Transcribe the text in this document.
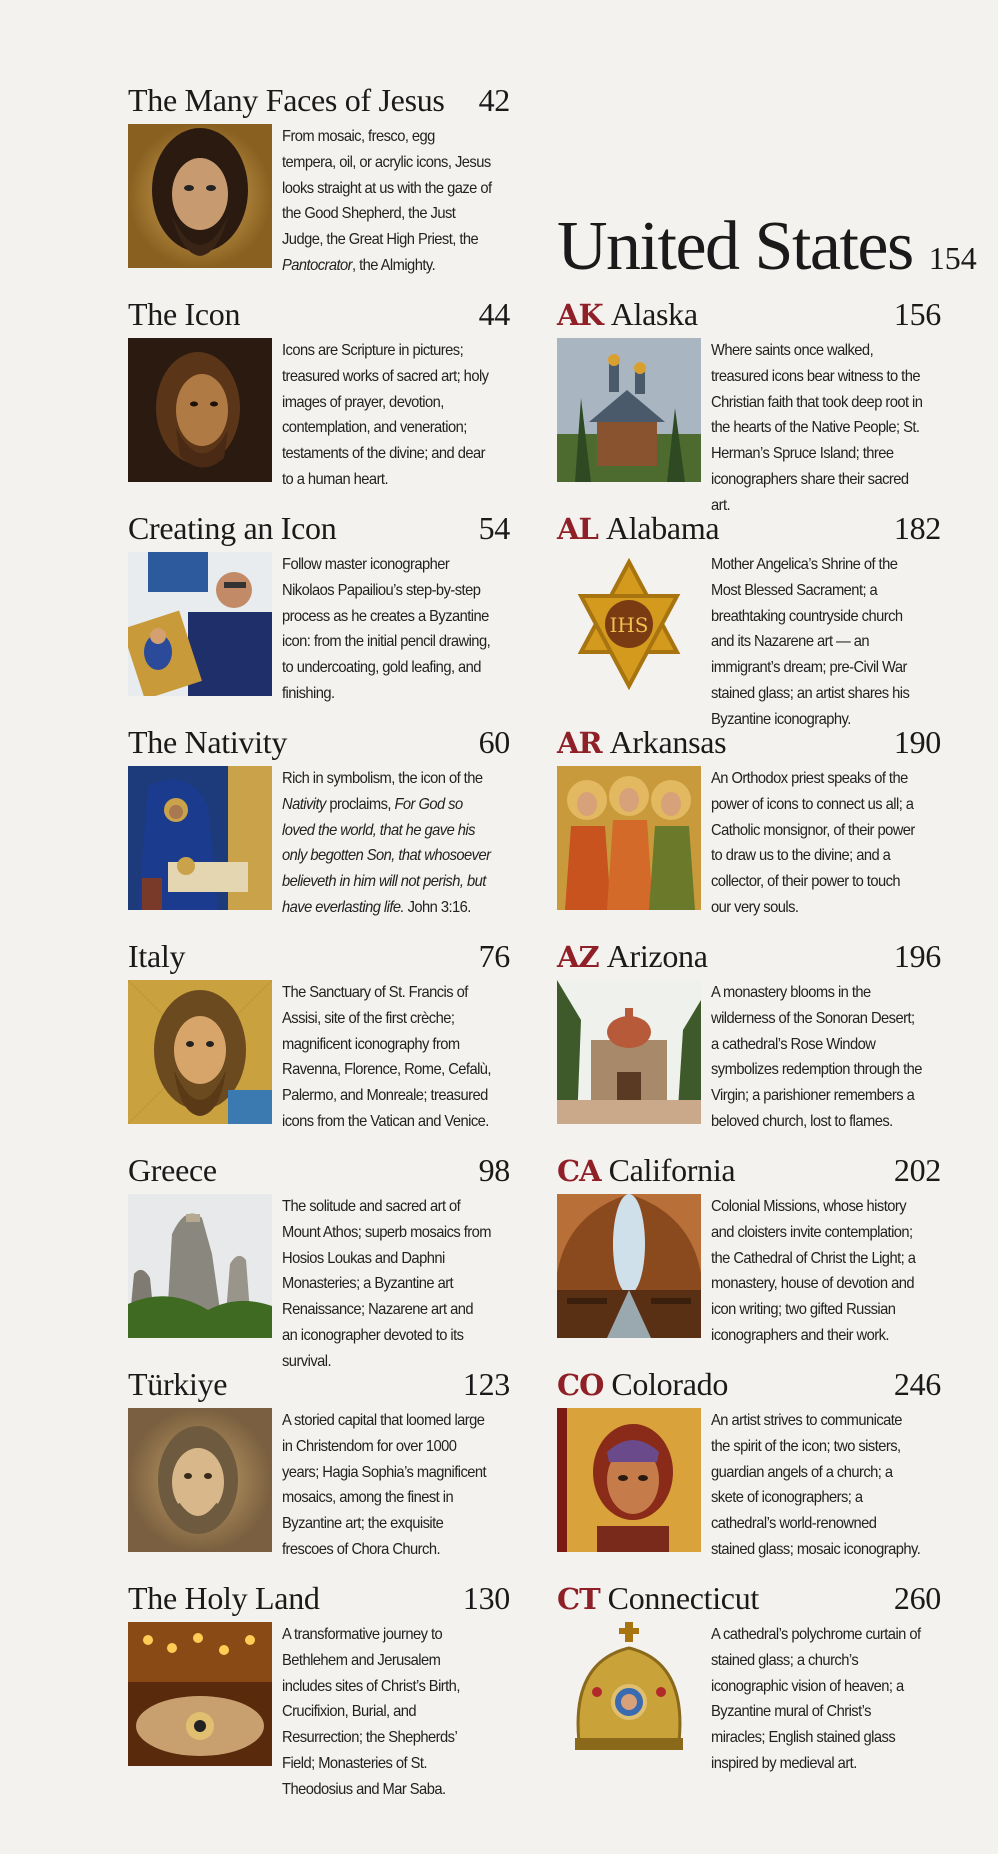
The Many Faces of Jesus 42
From mosaic, fresco, egg tempera, oil, or acrylic icons, Jesus looks straight at us with the gaze of the Good Shepherd, the Just Judge, the Great High Priest, the Pantocrator, the Almighty.
The Icon	44
Icons are Scripture in pictures; treasured works of sacred art; holy images of prayer, devotion, contemplation, and veneration; testaments of the divine; and dear to a human heart.
Creating an Icon	54
Follow master iconographer Nikolaos Papailiou’s step-by-step process as he creates a Byzantine icon: from the initial pencil drawing, to undercoating, gold leafing, and finishing.
The Nativity	60
Rich in symbolism, the icon of the Nativity proclaims, For God so loved the world, that he gave his only begotten Son, that whosoever believeth in him will not perish, but have everlasting life. John 3:16.
Italy	76
The Sanctuary of St. Francis of Assisi, site of the first crèche; magnificent iconography from Ravenna, Florence, Rome, Cefalù, Palermo, and Monreale; treasured icons from the Vatican and Venice.
Greece	98
The solitude and sacred art of Mount Athos; superb mosaics from Hosios Loukas and Daphni Monasteries; a Byzantine art Renaissance; Nazarene art and an iconographer devoted to its survival.
Türkiye	123
A storied capital that loomed large in Christendom for over 1000 years; Hagia Sophia’s magnificent mosaics, among the finest in Byzantine art; the exquisite frescoes of Chora Church.
The Holy Land	130
A transformative journey to Bethlehem and Jerusalem includes sites of Christ’s Birth, Crucifixion, Burial, and Resurrection; the Shepherds’ Field; Monasteries of St. Theodosius and Mar Saba.
United States 154
AK Alaska	156
Where saints once walked, treasured icons bear witness to the Christian faith that took deep root in the hearts of the Native People; St. Herman’s Spruce Island; three iconographers share their sacred art.
AL Alabama	182
IHS
Mother Angelica’s Shrine of the Most Blessed Sacrament; a breathtaking countryside church and its Nazarene art — an immigrant’s dream; pre-Civil War stained glass; an artist shares his Byzantine iconography.
AR Arkansas	190
An Orthodox priest speaks of the power of icons to connect us all; a Catholic monsignor, of their power to draw us to the divine; and a collector, of their power to touch our very souls.
AZ Arizona	196
A monastery blooms in the wilderness of the Sonoran Desert; a cathedral’s Rose Window symbolizes redemption through the Virgin; a parishioner remembers a beloved church, lost to flames.
CA California	202
Colonial Missions, whose history and cloisters invite contemplation; the Cathedral of Christ the Light; a monastery, house of devotion and icon writing; two gifted Russian iconographers and their work.
CO Colorado	246
An artist strives to communicate the spirit of the icon; two sisters, guardian angels of a church; a skete of iconographers; a cathedral’s world-renowned stained glass; mosaic iconography.
CT Connecticut	260
A cathedral’s polychrome curtain of stained glass; a church’s iconographic vision of heaven; a Byzantine mural of Christ’s miracles; English stained glass inspired by medieval art.
